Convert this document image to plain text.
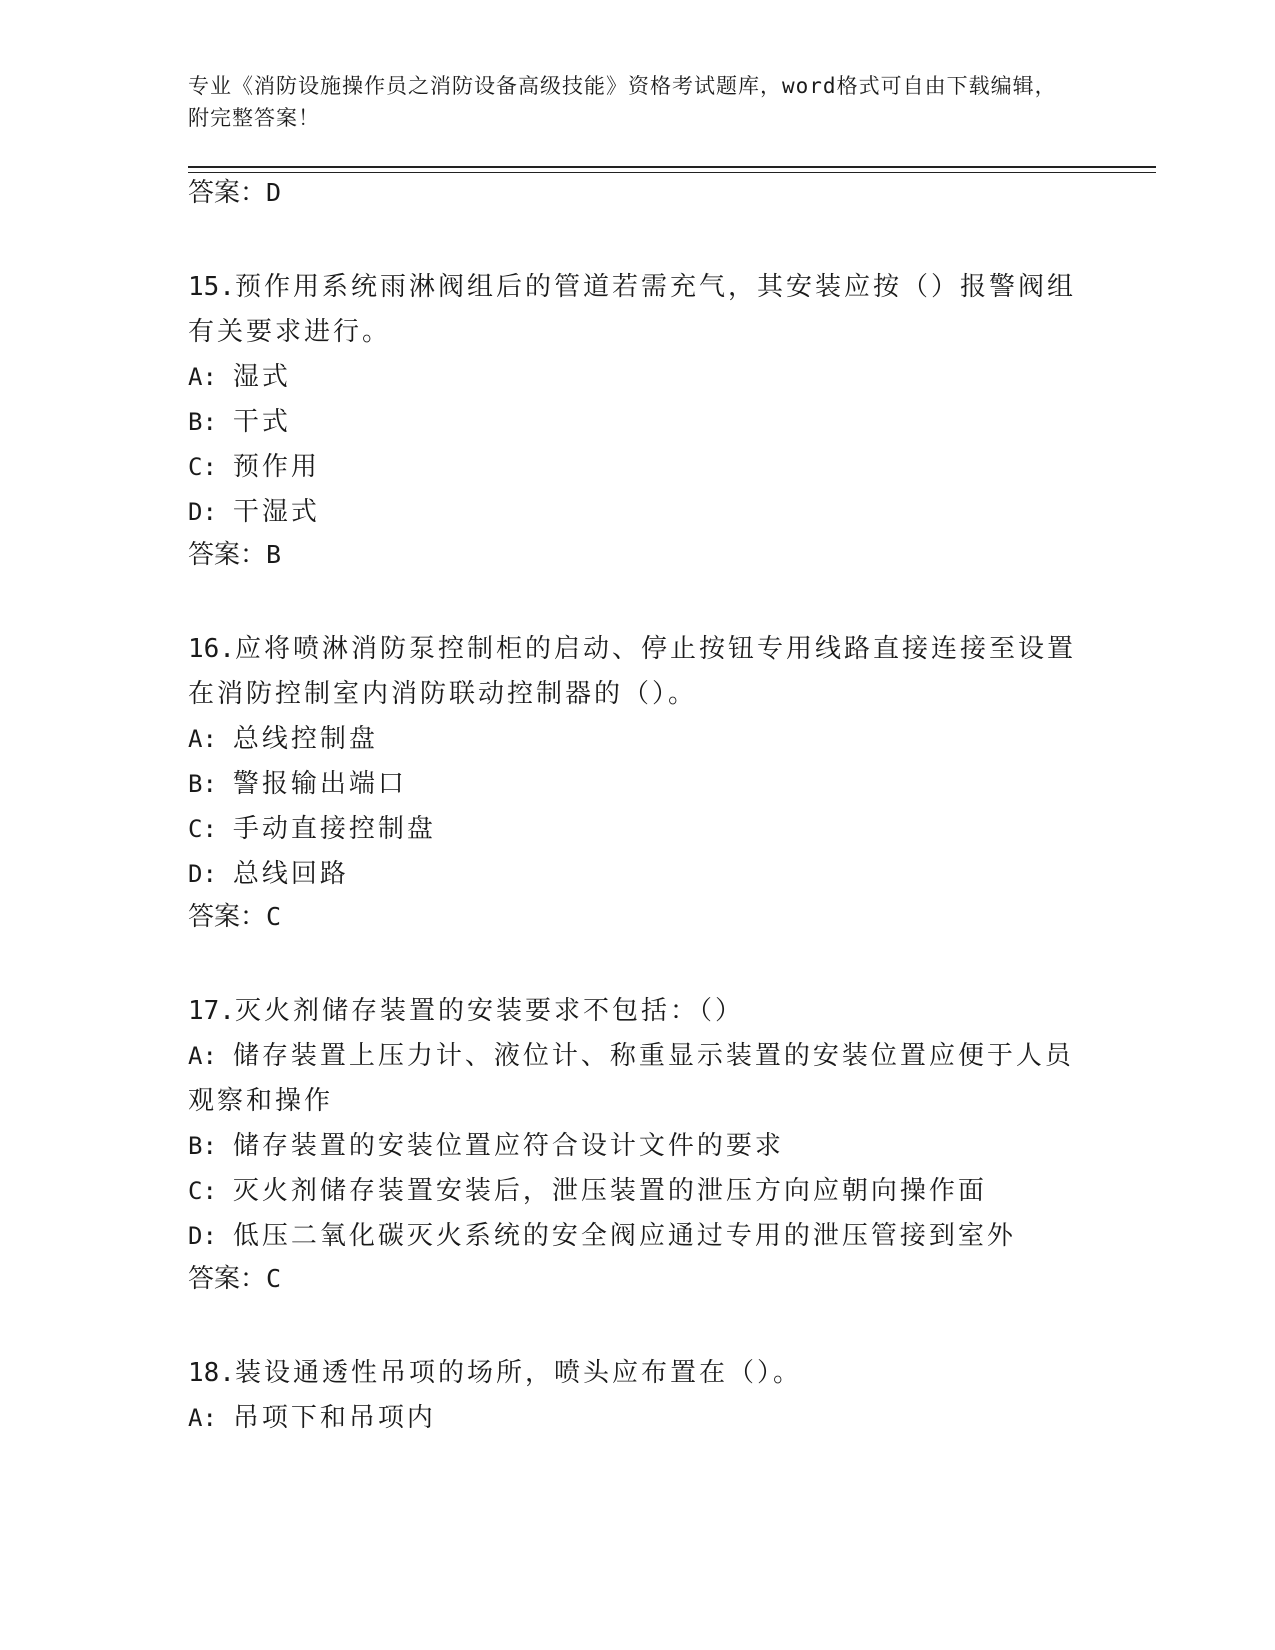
专业《消防设施操作员之消防设备高级技能》资格考试题库，word格式可自由下载编辑，附完整答案！

答案：D

15.预作用系统雨淋阀组后的管道若需充气，其安装应按（）报警阀组有关要求进行。

A: 湿式

B: 干式

C: 预作用

D: 干湿式

答案：B

16.应将喷淋消防泵控制柜的启动、停止按钮专用线路直接连接至设置在消防控制室内消防联动控制器的（）。

A: 总线控制盘

B: 警报输出端口

C: 手动直接控制盘

D: 总线回路

答案：C

17.灭火剂储存装置的安装要求不包括：（）

A: 储存装置上压力计、液位计、称重显示装置的安装位置应便于人员观察和操作

B: 储存装置的安装位置应符合设计文件的要求

C: 灭火剂储存装置安装后，泄压装置的泄压方向应朝向操作面

D: 低压二氧化碳灭火系统的安全阀应通过专用的泄压管接到室外

答案：C

18.装设通透性吊项的场所，喷头应布置在（）。

A: 吊项下和吊项内
